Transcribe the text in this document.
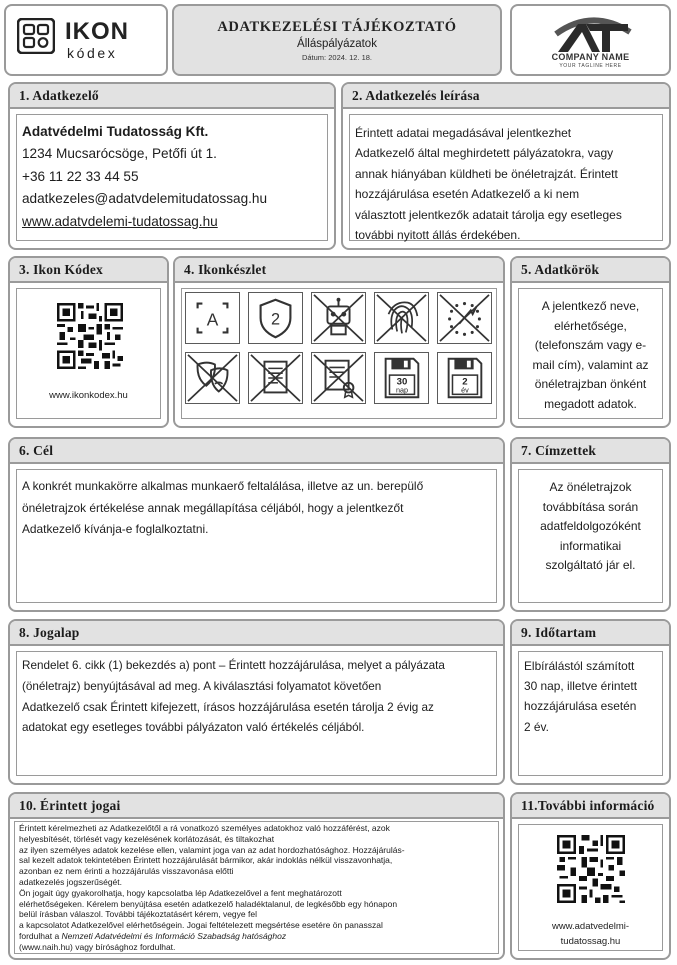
IKON
kódex
ADATKEZELÉSI TÁJÉKOZTATÓ
Álláspályázatok
Dátum: 2024. 12. 18.	COMPANY NAME
YOUR TAGLINE HERE
1. Adatkezelő
Adatvédelmi Tudatosság Kft.
1234 Mucsarócsöge, Petőfi út 1.
+36 11 22 33 44 55
adatkezeles@adatvdelemitudatossag.hu
www.adatvdelemi-tudatossag.hu
2. Adatkezelés leírása
Érintett adatai megadásával jelentkezhet
Adatkezelő által meghirdetett pályázatokra, vagy
annak hiányában küldheti be önéletrajzát. Érintett
hozzájárulása esetén Adatkezelő a ki nem
választott jelentkezők adatait tárolja egy esetleges
további nyitott állás érdekében.
3. Ikon Kódex
www.ikonkodex.hu
4. Ikonkészlet
A	2
30
nap
2
év
5. Adatkörök
A jelentkező neve,
elérhetősége,
(telefonszám vagy e-
mail cím), valamint az
önéletrajzban önként
megadott adatok.
6. Cél
A konkrét munkakörre alkalmas munkaerő feltalálása, illetve az un. berepülő
önéletrajzok értékelése annak megállapítása céljából, hogy a jelentkezőt
Adatkezelő kívánja-e foglalkoztatni.
7. Címzettek
Az önéletrajzok
továbbítása során
adatfeldolgozóként
informatikai
szolgáltató jár el.
8. Jogalap
Rendelet 6. cikk (1) bekezdés a) pont – Érintett hozzájárulása, melyet a pályázata
(önéletrajz) benyújtásával ad meg. A kiválasztási folyamatot követően
Adatkezelő csak Érintett kifejezett, írásos hozzájárulása esetén tárolja 2 évig az
adatokat egy esetleges további pályázaton való értékelés céljából.
9. Időtartam
Elbírálástól számított
30 nap, illetve érintett
hozzájárulása esetén
2 év.
10. Érintett jogai
Érintett kérelmezheti az Adatkezelőtől a rá vonatkozó személyes adatokhoz való hozzáférést, azok
helyesbítését, törlését vagy kezelésének korlátozását, és tiltakozhat
az ilyen személyes adatok kezelése ellen, valamint joga van az adat hordozhatósághoz. Hozzájárulás-
sal kezelt adatok tekintetében Érintett hozzájárulását bármikor, akár indoklás nélkül visszavonhatja,
azonban ez nem érinti a hozzájárulás visszavonása előtti
adatkezelés jogszerűségét.
Ön jogait úgy gyakorolhatja, hogy kapcsolatba lép Adatkezelővel a fent meghatározott
elérhetőségeken. Kérelem benyújtása esetén adatkezelő haladéktalanul, de legkésőbb egy hónapon
belül írásban válaszol. További tájékoztatásért kérem, vegye fel
a kapcsolatot Adatkezelővel elérhetőségein. Jogai feltételezett megsértése esetére ön panasszal
fordulhat a Nemzeti Adatvédelmi és Információ Szabadság hatósághoz
(www.naih.hu) vagy bírósághoz fordulhat.
11.További információ
www.adatvedelmi-
tudatossag.hu
